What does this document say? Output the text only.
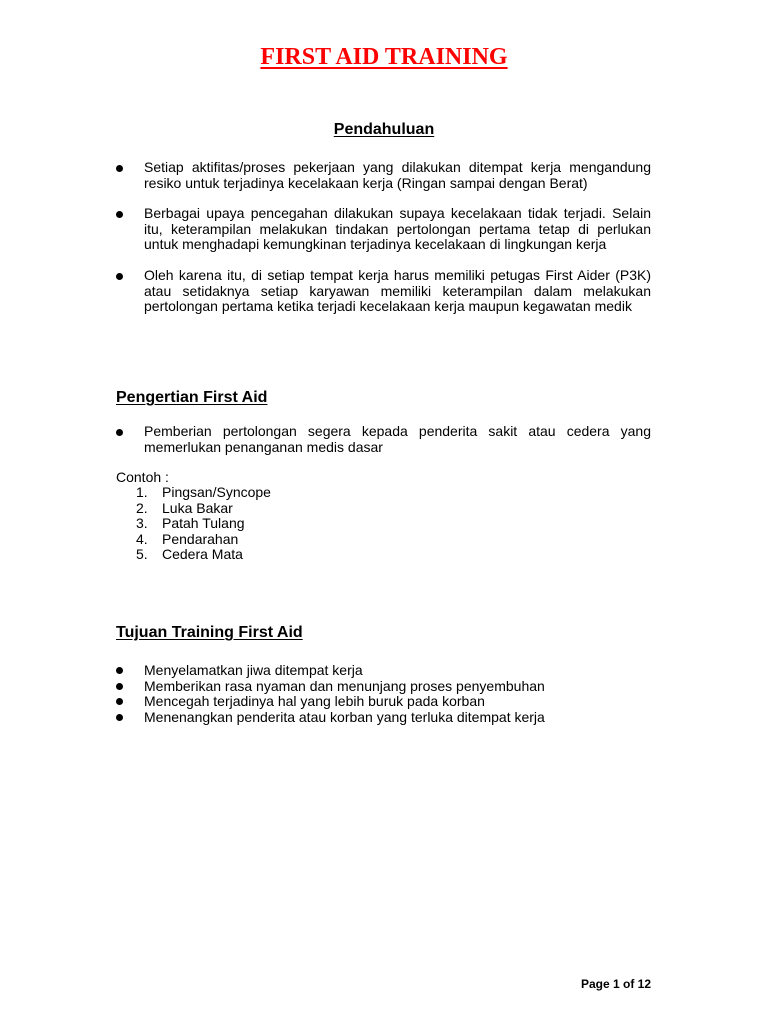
FIRST AID TRAINING
Pendahuluan
Setiap aktifitas/proses pekerjaan yang dilakukan ditempat kerja mengandung resiko untuk terjadinya kecelakaan kerja (Ringan sampai dengan Berat)
Berbagai upaya pencegahan dilakukan supaya kecelakaan tidak terjadi. Selain itu, keterampilan melakukan tindakan pertolongan pertama tetap di perlukan untuk menghadapi kemungkinan terjadinya kecelakaan di lingkungan kerja
Oleh karena itu, di setiap tempat kerja harus memiliki petugas First Aider (P3K) atau setidaknya setiap karyawan memiliki keterampilan dalam melakukan pertolongan pertama ketika terjadi kecelakaan kerja maupun kegawatan medik
Pengertian First Aid
Pemberian pertolongan segera kepada penderita sakit atau cedera yang memerlukan penanganan medis dasar
Contoh :
1. Pingsan/Syncope
2. Luka Bakar
3. Patah Tulang
4. Pendarahan
5. Cedera Mata
Tujuan Training First Aid
Menyelamatkan jiwa ditempat kerja
Memberikan rasa nyaman dan menunjang proses penyembuhan
Mencegah terjadinya hal yang lebih buruk pada korban
Menenangkan penderita atau korban yang terluka ditempat kerja
Page 1 of 12
